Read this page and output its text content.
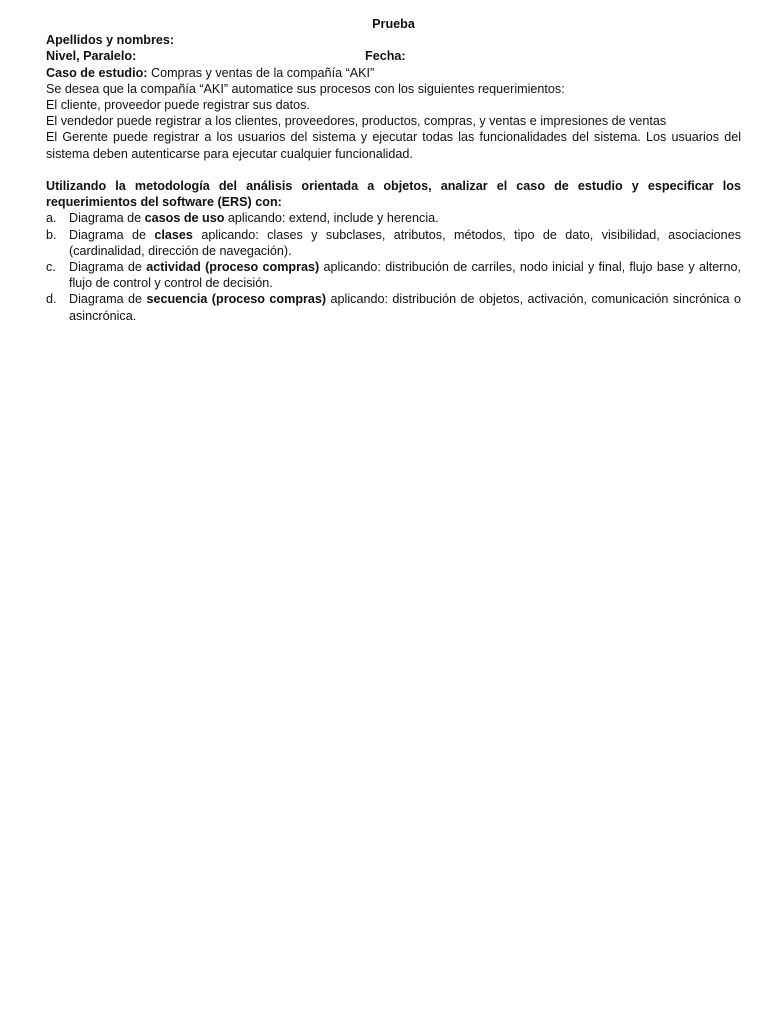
Prueba

Apellidos y nombres:

Nivel, Paralelo:	Fecha:

Caso de estudio: Compras y ventas de la compañía “AKI”

Se desea que la compañía “AKI” automatice sus procesos con los siguientes requerimientos:

El cliente, proveedor puede registrar sus datos.

El vendedor puede registrar a los clientes, proveedores, productos, compras, y ventas e impresiones de ventas

El Gerente puede registrar a los usuarios del sistema y ejecutar todas las funcionalidades del sistema. Los usuarios del sistema deben autenticarse para ejecutar cualquier funcionalidad.

Utilizando la metodología del análisis orientada a objetos, analizar el caso de estudio y especificar los requerimientos del software (ERS) con:

a. Diagrama de casos de uso aplicando: extend, include y herencia.
b. Diagrama de clases aplicando: clases y subclases, atributos, métodos, tipo de dato, visibilidad, asociaciones (cardinalidad, dirección de navegación).
c. Diagrama de actividad (proceso compras) aplicando: distribución de carriles, nodo inicial y final, flujo base y alterno, flujo de control y control de decisión.
d. Diagrama de secuencia (proceso compras) aplicando: distribución de objetos, activación, comunicación sincrónica o asincrónica.
